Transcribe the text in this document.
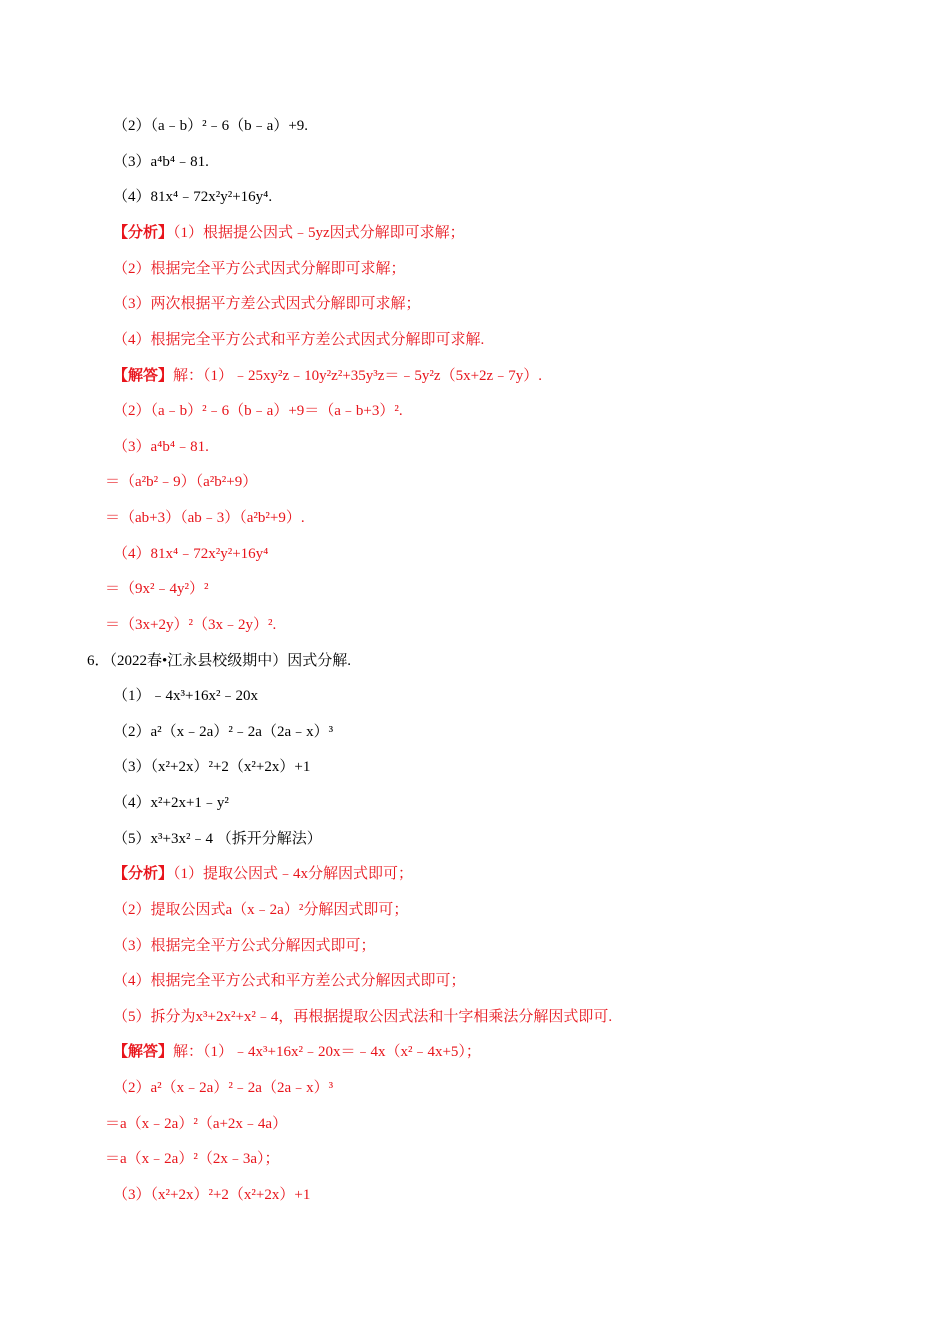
（2）（a﹣b）²﹣6（b﹣a）+9.
（3）a⁴b⁴﹣81.
（4）81x⁴﹣72x²y²+16y⁴.
【分析】（1）根据提公因式﹣5yz因式分解即可求解；
（2）根据完全平方公式因式分解即可求解；
（3）两次根据平方差公式因式分解即可求解；
（4）根据完全平方公式和平方差公式因式分解即可求解.
【解答】解：（1）﹣25xy²z﹣10y²z²+35y³z＝﹣5y²z（5x+2z﹣7y）.
（2）（a﹣b）²﹣6（b﹣a）+9＝（a﹣b+3）².
（3）a⁴b⁴﹣81.
＝（a²b²﹣9）（a²b²+9）
＝（ab+3）（ab﹣3）（a²b²+9）.
（4）81x⁴﹣72x²y²+16y⁴
＝（9x²﹣4y²）²
＝（3x+2y）²（3x﹣2y）².
6．（2022春•江永县校级期中）因式分解.
（1）﹣4x³+16x²﹣20x
（2）a²（x﹣2a）²﹣2a（2a﹣x）³
（3）（x²+2x）²+2（x²+2x）+1
（4）x²+2x+1﹣y²
（5）x³+3x²﹣4 （拆开分解法）
【分析】（1）提取公因式﹣4x分解因式即可；
（2）提取公因式a（x﹣2a）²分解因式即可；
（3）根据完全平方公式分解因式即可；
（4）根据完全平方公式和平方差公式分解因式即可；
（5）拆分为x³+2x²+x²﹣4，再根据提取公因式法和十字相乘法分解因式即可.
【解答】解：（1）﹣4x³+16x²﹣20x＝﹣4x（x²﹣4x+5）；
（2）a²（x﹣2a）²﹣2a（2a﹣x）³
＝a（x﹣2a）²（a+2x﹣4a）
＝a（x﹣2a）²（2x﹣3a）；
（3）（x²+2x）²+2（x²+2x）+1
